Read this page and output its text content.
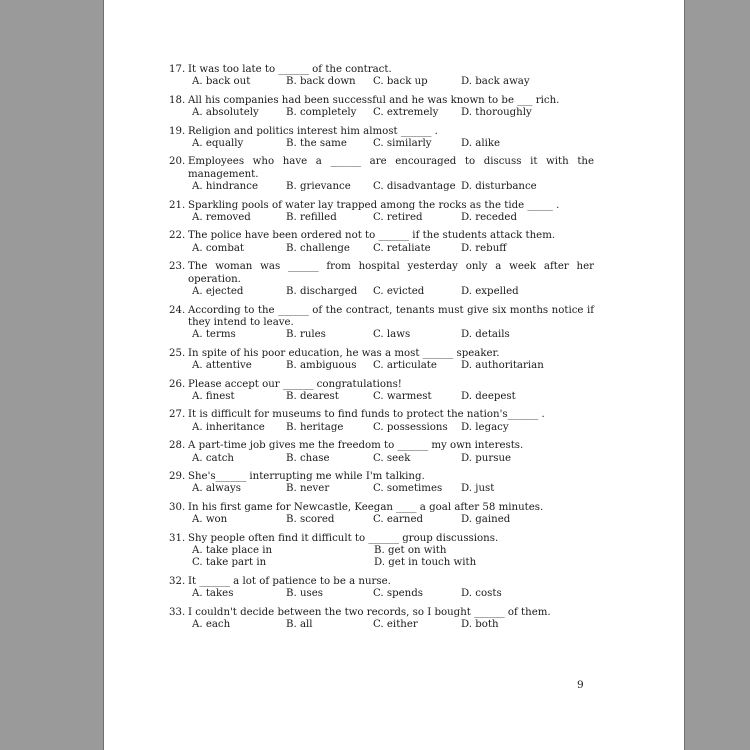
17. It was too late to ______ of the contract.
A. back out	B. back down	C. back up	D. back away
18. All his companies had been successful and he was known to be ___ rich.
A. absolutely	B. completely	C. extremely	D. thoroughly
19. Religion and politics interest him almost ______ .
A. equally	B. the same	C. similarly	D. alike
20. Employees who have a ______ are encouraged to discuss it with the management.
A. hindrance	B. grievance	C. disadvantage D. disturbance
21. Sparkling pools of water lay trapped among the rocks as the tide _____ .
A. removed	B. refilled	C. retired	D. receded
22. The police have been ordered not to ______ if the students attack them.
A. combat	B. challenge	C. retaliate	D. rebuff
23. The woman was ______ from hospital yesterday only a week after her operation.
A. ejected	B. discharged	C. evicted	D. expelled
24. According to the ______ of the contract, tenants must give six months notice if they intend to leave.
A. terms	B. rules	C. laws	D. details
25. In spite of his poor education, he was a most ______ speaker.
A. attentive	B. ambiguous	C. articulate	D. authoritarian
26. Please accept our ______ congratulations!
A. finest	B. dearest	C. warmest	D. deepest
27. It is difficult for museums to find funds to protect the nation's______ .
A. inheritance	B. heritage	C. possessions	D. legacy
28. A part-time job gives me the freedom to ______ my own interests.
A. catch	B. chase	C. seek	D. pursue
29. She's______ interrupting me while I'm talking.
A. always	B. never	C. sometimes	D. just
30. In his first game for Newcastle, Keegan ____ a goal after 58 minutes.
A. won	B. scored	C. earned	D. gained
31. Shy people often find it difficult to ______ group discussions.
A. take place in	B. get on with
C. take part in	D. get in touch with
32. It ______ a lot of patience to be a nurse.
A. takes	B. uses	C. spends	D. costs
33. I couldn't decide between the two records, so I bought ______ of them.
A. each	B. all	C. either	D. both
9
